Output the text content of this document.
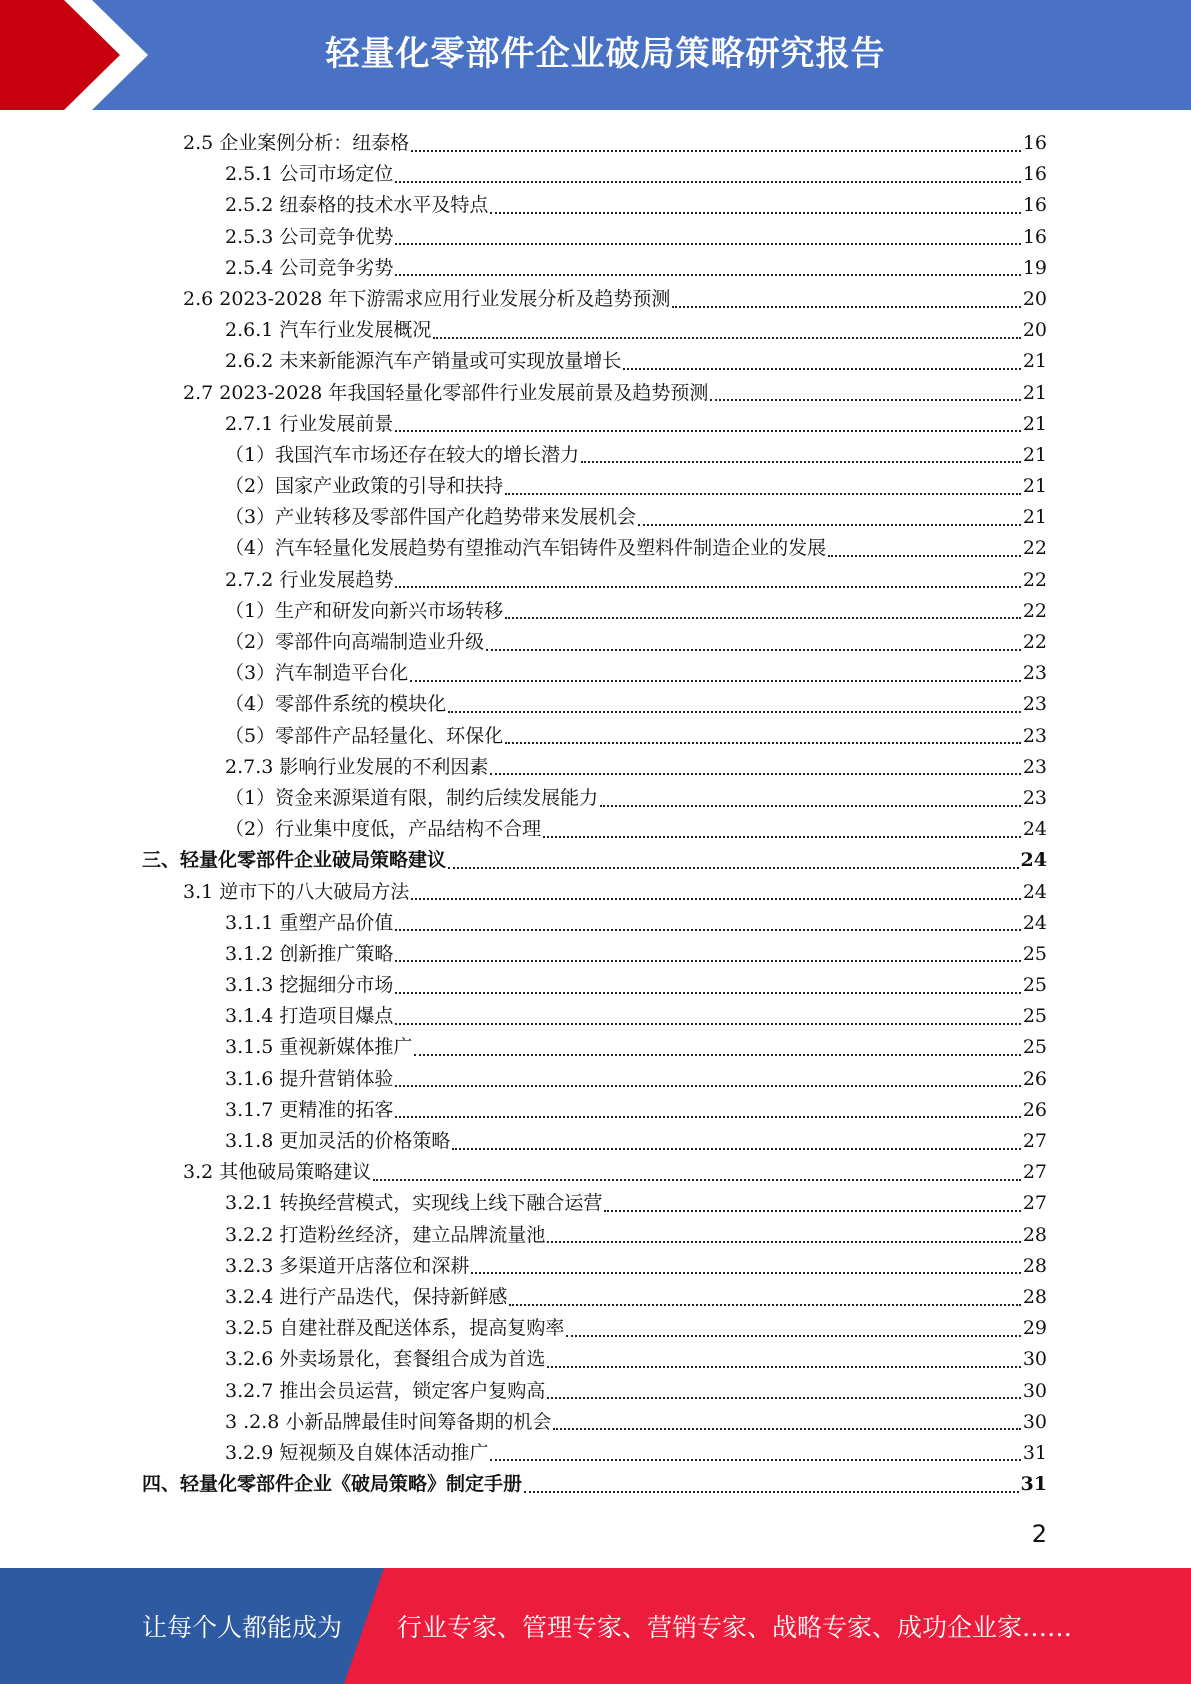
轻量化零部件企业破局策略研究报告
2.5 企业案例分析：纽泰格	16
2.5.1 公司市场定位	16
2.5.2 纽泰格的技术水平及特点	16
2.5.3 公司竞争优势	16
2.5.4 公司竞争劣势	19
2.6 2023-2028 年下游需求应用行业发展分析及趋势预测	20
2.6.1 汽车行业发展概况	20
2.6.2 未来新能源汽车产销量或可实现放量增长	21
2.7 2023-2028 年我国轻量化零部件行业发展前景及趋势预测	21
2.7.1 行业发展前景	21
（1）我国汽车市场还存在较大的增长潜力	21
（2）国家产业政策的引导和扶持	21
（3）产业转移及零部件国产化趋势带来发展机会	21
（4）汽车轻量化发展趋势有望推动汽车铝铸件及塑料件制造企业的发展	22
2.7.2 行业发展趋势	22
（1）生产和研发向新兴市场转移	22
（2）零部件向高端制造业升级	22
（3）汽车制造平台化	23
（4）零部件系统的模块化	23
（5）零部件产品轻量化、环保化	23
2.7.3 影响行业发展的不利因素	23
（1）资金来源渠道有限，制约后续发展能力	23
（2）行业集中度低，产品结构不合理	24
三、轻量化零部件企业破局策略建议	24
3.1 逆市下的八大破局方法	24
3.1.1 重塑产品价值	24
3.1.2 创新推广策略	25
3.1.3 挖掘细分市场	25
3.1.4 打造项目爆点	25
3.1.5 重视新媒体推广	25
3.1.6 提升营销体验	26
3.1.7 更精准的拓客	26
3.1.8 更加灵活的价格策略	27
3.2 其他破局策略建议	27
3.2.1 转换经营模式，实现线上线下融合运营	27
3.2.2 打造粉丝经济，建立品牌流量池	28
3.2.3 多渠道开店落位和深耕	28
3.2.4 进行产品迭代，保持新鲜感	28
3.2.5 自建社群及配送体系，提高复购率	29
3.2.6 外卖场景化，套餐组合成为首选	30
3.2.7 推出会员运营，锁定客户复购高	30
3 .2.8 小新品牌最佳时间筹备期的机会	30
3.2.9 短视频及自媒体活动推广	31
四、轻量化零部件企业《破局策略》制定手册	31
2
让每个人都能成为 行业专家、管理专家、营销专家、战略专家、成功企业家……
